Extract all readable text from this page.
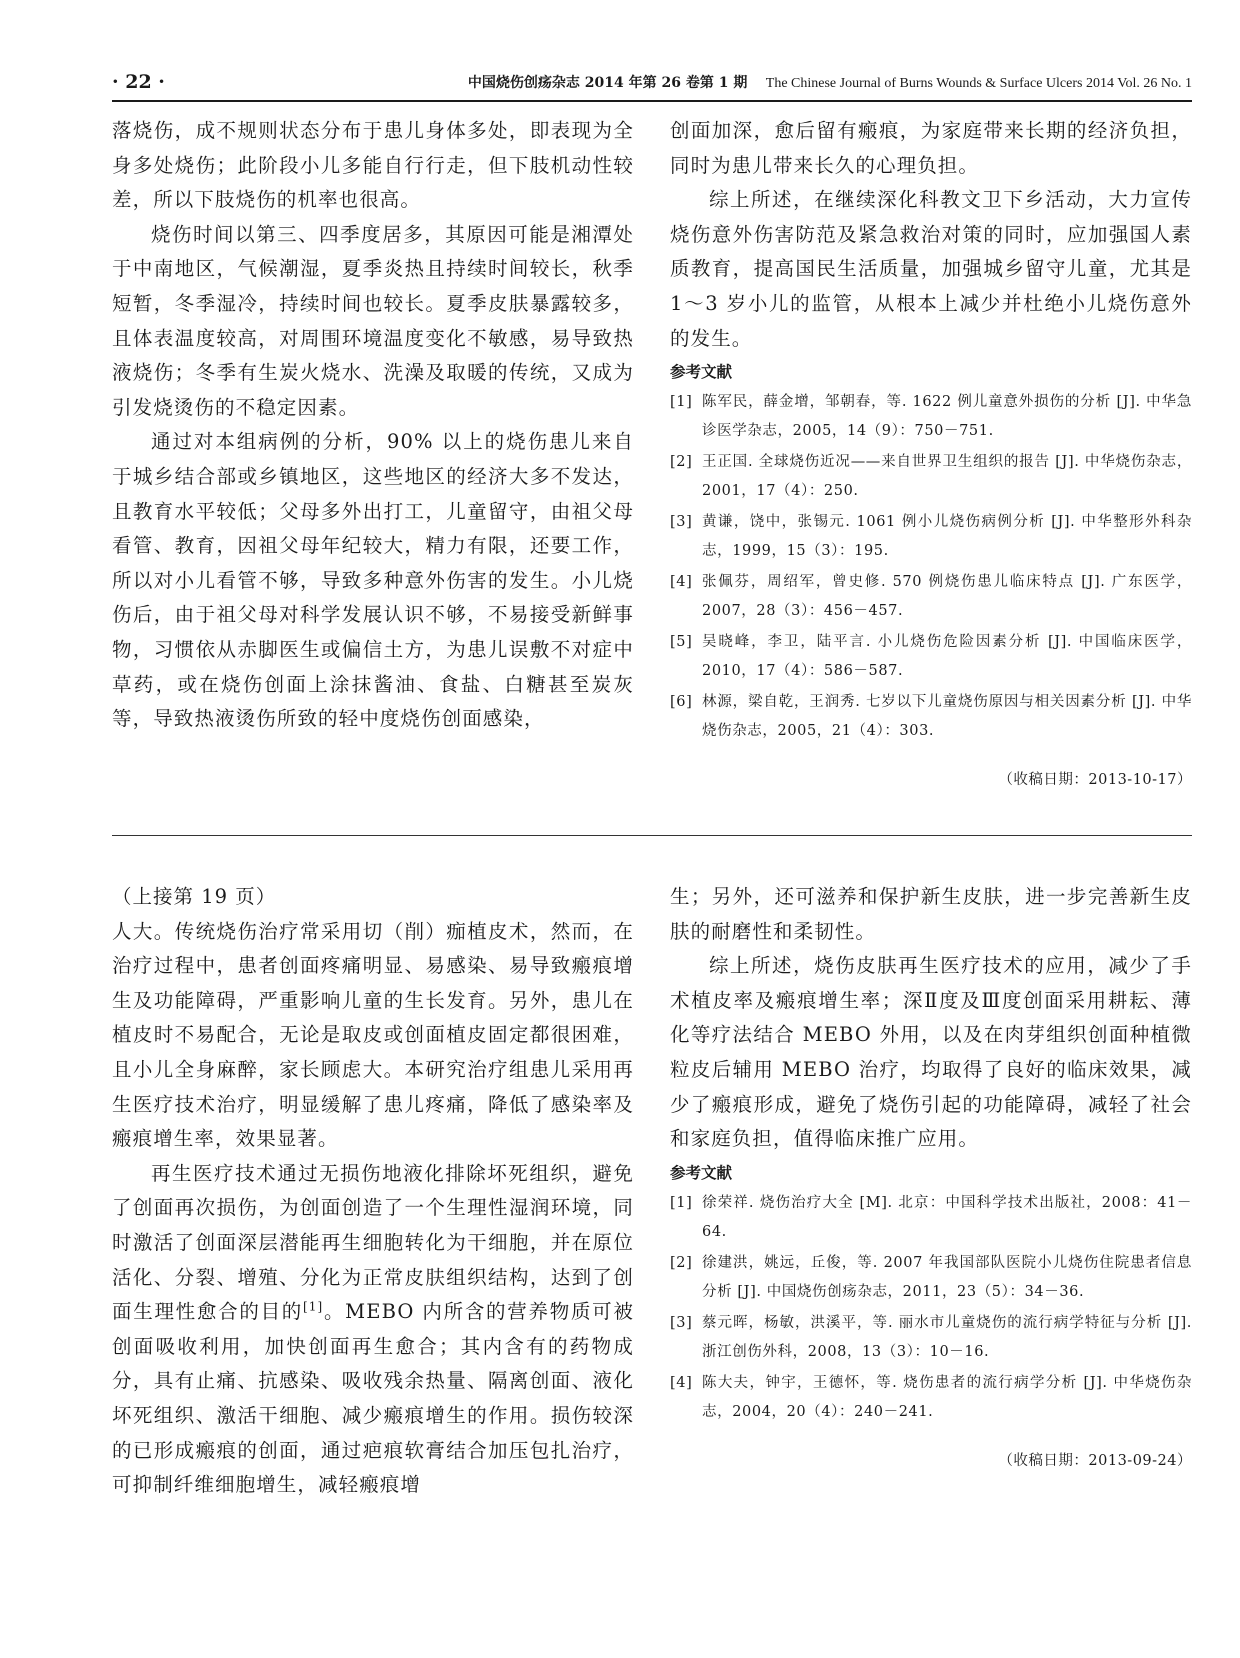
· 22 ·	中国烧伤创疡杂志 2014 年第 26 卷第 1 期 The Chinese Journal of Burns Wounds & Surface Ulcers 2014 Vol. 26 No. 1

落烧伤，成不规则状态分布于患儿身体多处，即表现为全身多处烧伤；此阶段小儿多能自行行走，但下肢机动性较差，所以下肢烧伤的机率也很高。

烧伤时间以第三、四季度居多，其原因可能是湘潭处于中南地区，气候潮湿，夏季炎热且持续时间较长，秋季短暂，冬季湿冷，持续时间也较长。夏季皮肤暴露较多，且体表温度较高，对周围环境温度变化不敏感，易导致热液烧伤；冬季有生炭火烧水、洗澡及取暖的传统，又成为引发烧烫伤的不稳定因素。

通过对本组病例的分析，90% 以上的烧伤患儿来自于城乡结合部或乡镇地区，这些地区的经济大多不发达，且教育水平较低；父母多外出打工，儿童留守，由祖父母看管、教育，因祖父母年纪较大，精力有限，还要工作，所以对小儿看管不够，导致多种意外伤害的发生。小儿烧伤后，由于祖父母对科学发展认识不够，不易接受新鲜事物，习惯依从赤脚医生或偏信土方，为患儿误敷不对症中草药，或在烧伤创面上涂抹酱油、食盐、白糖甚至炭灰等，导致热液烫伤所致的轻中度烧伤创面感染，

创面加深，愈后留有瘢痕，为家庭带来长期的经济负担，同时为患儿带来长久的心理负担。

综上所述，在继续深化科教文卫下乡活动，大力宣传烧伤意外伤害防范及紧急救治对策的同时，应加强国人素质教育，提高国民生活质量，加强城乡留守儿童，尤其是 1～3 岁小儿的监管，从根本上减少并杜绝小儿烧伤意外的发生。

参考文献
[1] 陈军民，薛金增，邹朝春，等. 1622 例儿童意外损伤的分析 [J]. 中华急诊医学杂志，2005，14（9）：750－751.
[2] 王正国. 全球烧伤近况——来自世界卫生组织的报告 [J]. 中华烧伤杂志，2001，17（4）：250.
[3] 黄谦，饶中，张锡元. 1061 例小儿烧伤病例分析 [J]. 中华整形外科杂志，1999，15（3）：195.
[4] 张佩芬，周绍军，曾史修. 570 例烧伤患儿临床特点 [J]. 广东医学，2007，28（3）：456－457.
[5] 吴晓峰，李卫，陆平言. 小儿烧伤危险因素分析 [J]. 中国临床医学，2010，17（4）：586－587.
[6] 林源，梁自乾，王润秀. 七岁以下儿童烧伤原因与相关因素分析 [J]. 中华烧伤杂志，2005，21（4）：303.
（收稿日期：2013-10-17）

（上接第 19 页）

人大。传统烧伤治疗常采用切（削）痂植皮术，然而，在治疗过程中，患者创面疼痛明显、易感染、易导致瘢痕增生及功能障碍，严重影响儿童的生长发育。另外，患儿在植皮时不易配合，无论是取皮或创面植皮固定都很困难，且小儿全身麻醉，家长顾虑大。本研究治疗组患儿采用再生医疗技术治疗，明显缓解了患儿疼痛，降低了感染率及瘢痕增生率，效果显著。

再生医疗技术通过无损伤地液化排除坏死组织，避免了创面再次损伤，为创面创造了一个生理性湿润环境，同时激活了创面深层潜能再生细胞转化为干细胞，并在原位活化、分裂、增殖、分化为正常皮肤组织结构，达到了创面生理性愈合的目的[1]。MEBO 内所含的营养物质可被创面吸收利用，加快创面再生愈合；其内含有的药物成分，具有止痛、抗感染、吸收残余热量、隔离创面、液化坏死组织、激活干细胞、减少瘢痕增生的作用。损伤较深的已形成瘢痕的创面，通过疤痕软膏结合加压包扎治疗，可抑制纤维细胞增生，减轻瘢痕增

生；另外，还可滋养和保护新生皮肤，进一步完善新生皮肤的耐磨性和柔韧性。

综上所述，烧伤皮肤再生医疗技术的应用，减少了手术植皮率及瘢痕增生率；深Ⅱ度及Ⅲ度创面采用耕耘、薄化等疗法结合 MEBO 外用，以及在肉芽组织创面种植微粒皮后辅用 MEBO 治疗，均取得了良好的临床效果，减少了瘢痕形成，避免了烧伤引起的功能障碍，减轻了社会和家庭负担，值得临床推广应用。

参考文献
[1] 徐荣祥. 烧伤治疗大全 [M]. 北京：中国科学技术出版社，2008：41－64.
[2] 徐建洪，姚远，丘俊，等. 2007 年我国部队医院小儿烧伤住院患者信息分析 [J]. 中国烧伤创疡杂志，2011，23（5）：34－36.
[3] 蔡元晖，杨敏，洪溪平，等. 丽水市儿童烧伤的流行病学特征与分析 [J]. 浙江创伤外科，2008，13（3）：10－16.
[4] 陈大夫，钟宇，王德怀，等. 烧伤患者的流行病学分析 [J]. 中华烧伤杂志，2004，20（4）：240－241.
（收稿日期：2013-09-24）
